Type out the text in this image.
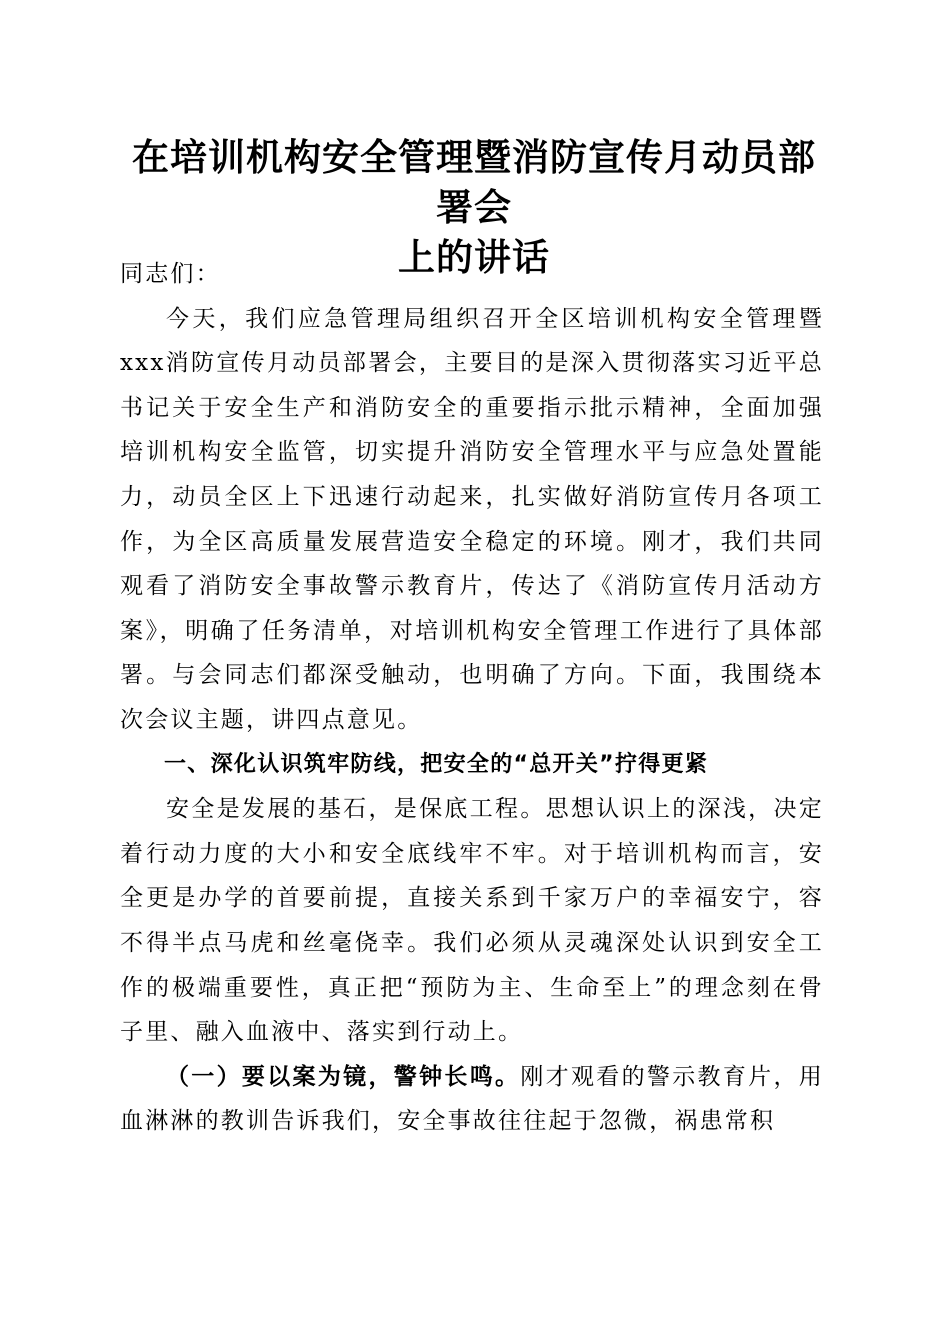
在培训机构安全管理暨消防宣传月动员部署会
上的讲话

同志们：

今天，我们应急管理局组织召开全区培训机构安全管理暨xxx消防宣传月动员部署会，主要目的是深入贯彻落实习近平总书记关于安全生产和消防安全的重要指示批示精神，全面加强培训机构安全监管，切实提升消防安全管理水平与应急处置能力，动员全区上下迅速行动起来，扎实做好消防宣传月各项工作，为全区高质量发展营造安全稳定的环境。刚才，我们共同观看了消防安全事故警示教育片，传达了《消防宣传月活动方案》，明确了任务清单，对培训机构安全管理工作进行了具体部署。与会同志们都深受触动，也明确了方向。下面，我围绕本次会议主题，讲四点意见。

一、深化认识筑牢防线，把安全的“总开关”拧得更紧

安全是发展的基石，是保底工程。思想认识上的深浅，决定着行动力度的大小和安全底线牢不牢。对于培训机构而言，安全更是办学的首要前提，直接关系到千家万户的幸福安宁，容不得半点马虎和丝毫侥幸。我们必须从灵魂深处认识到安全工作的极端重要性，真正把“预防为主、生命至上”的理念刻在骨子里、融入血液中、落实到行动上。

（一）要以案为镜，警钟长鸣。刚才观看的警示教育片，用血淋淋的教训告诉我们，安全事故往往起于忽微，祸患常积
